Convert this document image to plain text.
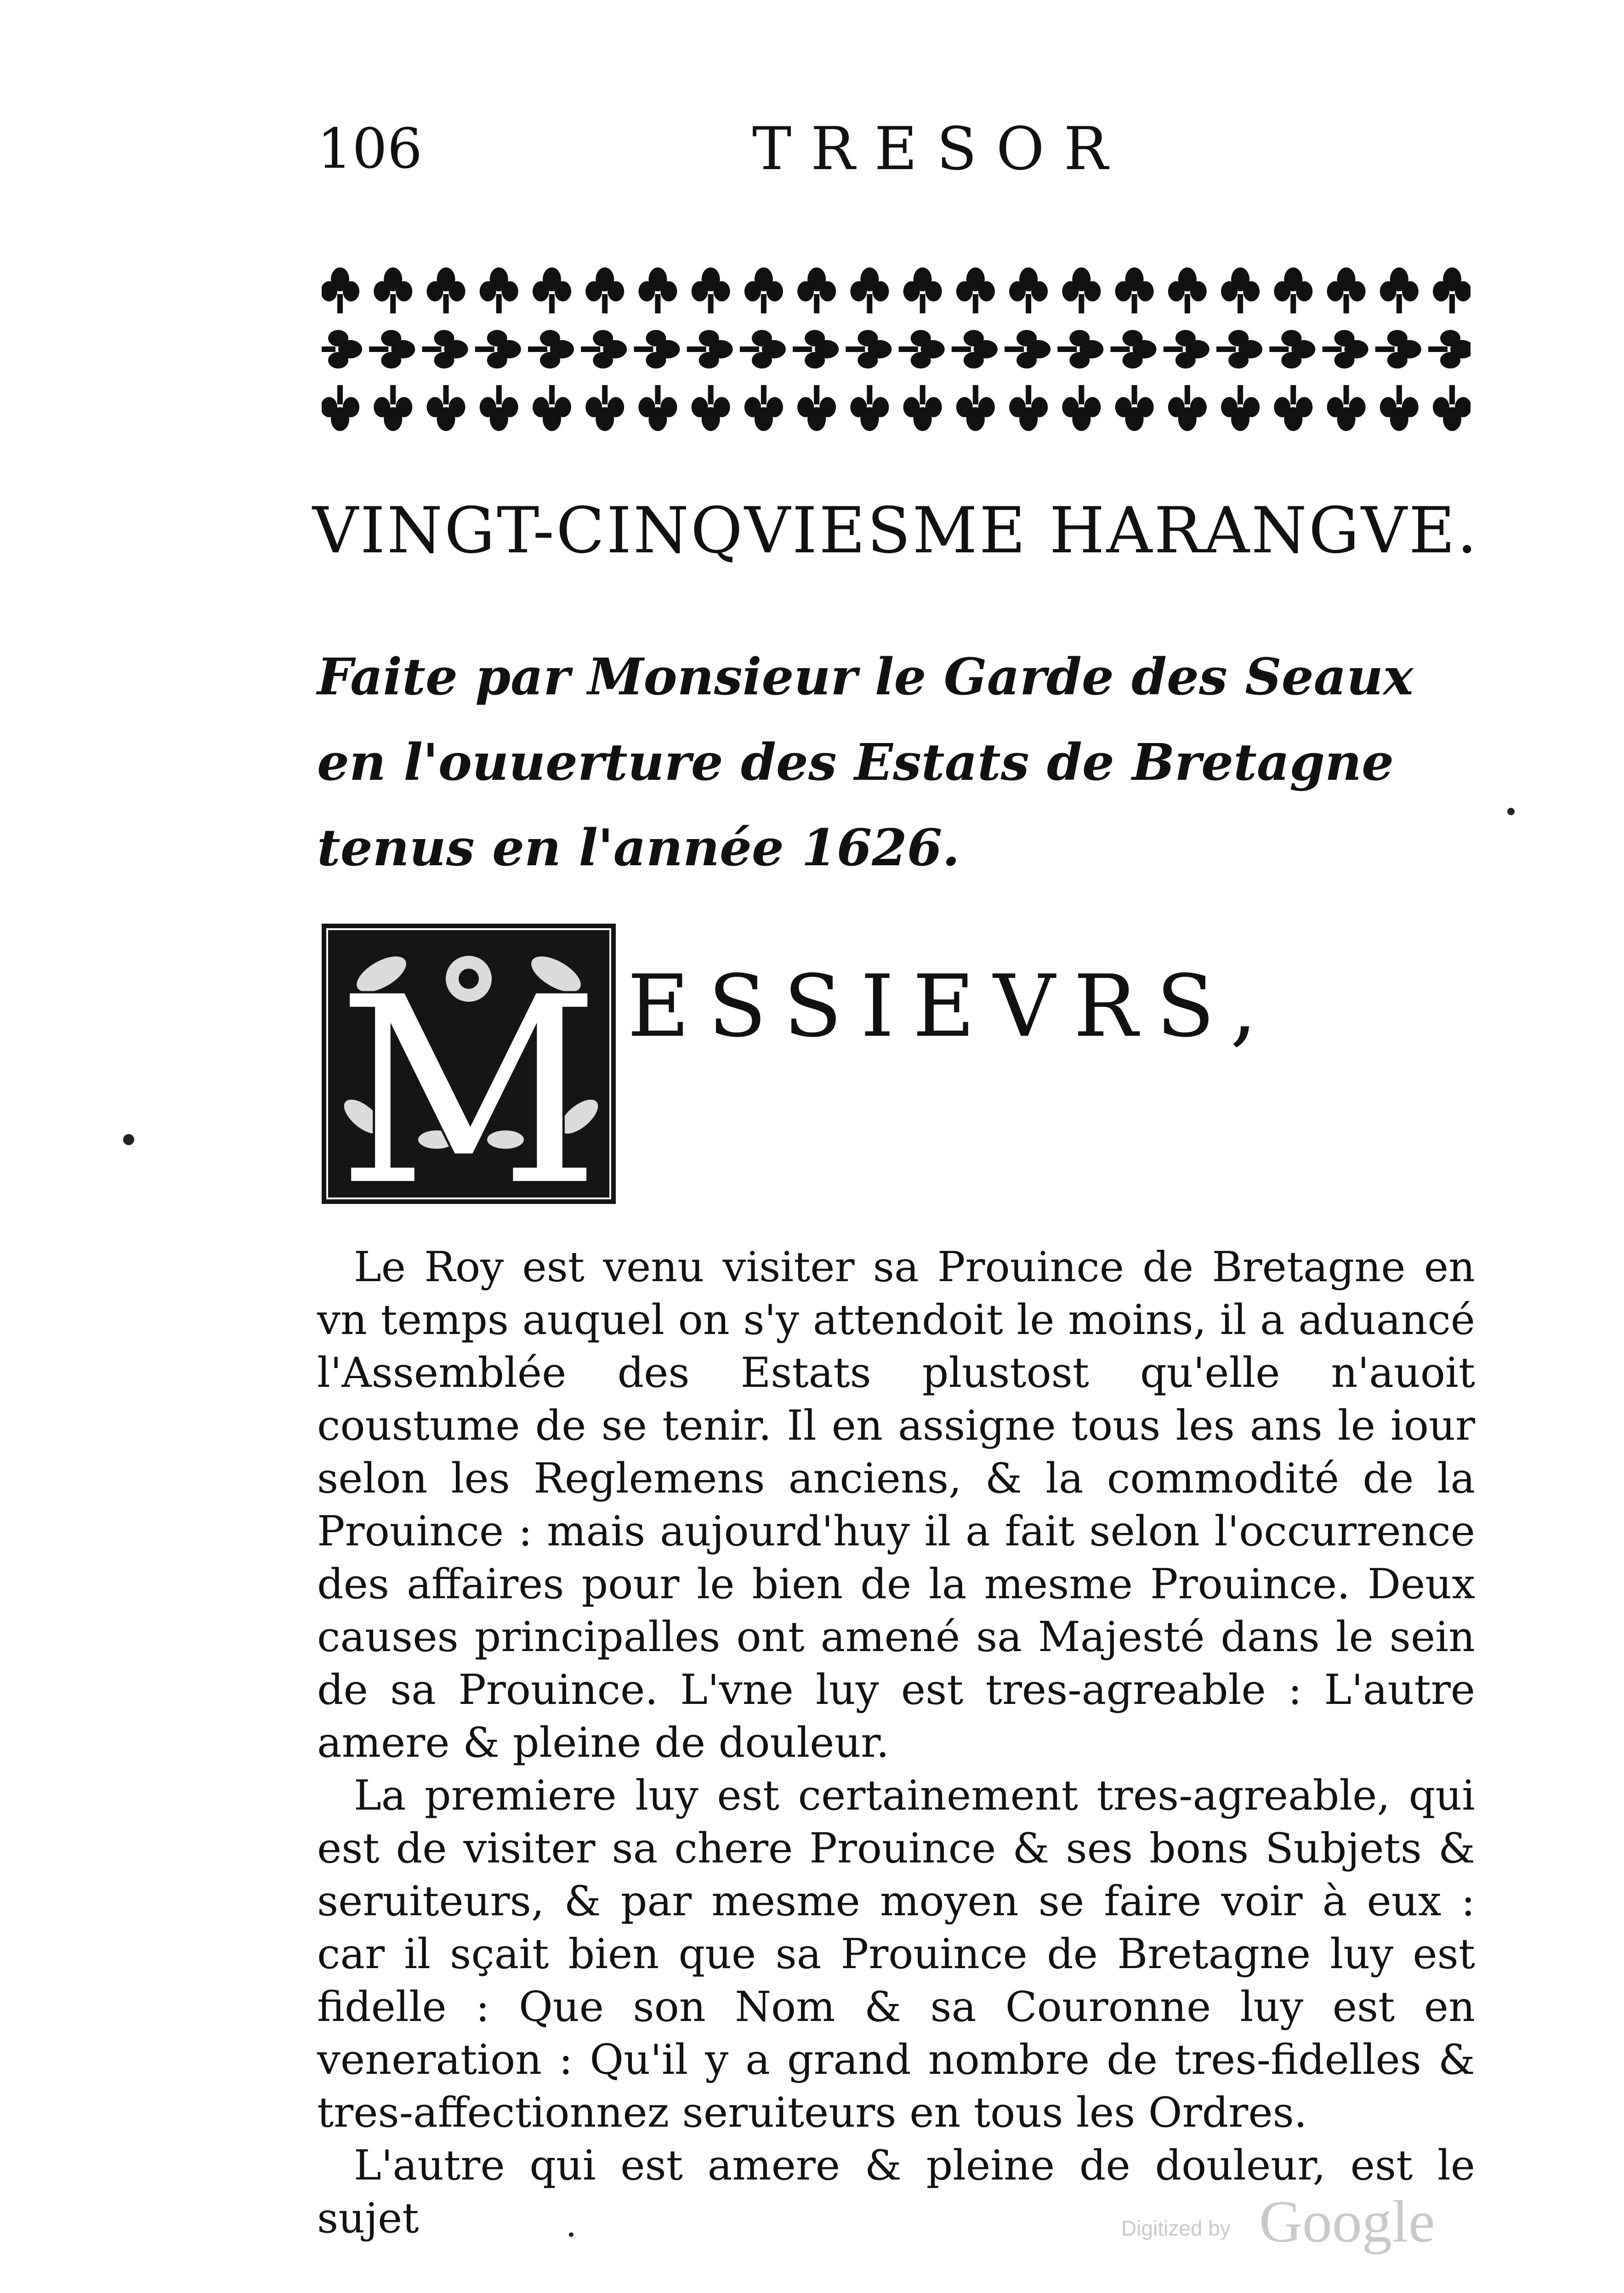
106	TRESOR
VINGT-CINQVIESME HARANGVE.
Faite par Monsieur le Garde des Seaux en l'ouuerture des Estats de Bretagne tenus en l'année 1626.
M ESSIEVRS,

Le Roy est venu visiter sa Prouince de Bretagne en vn temps auquel on s'y attendoit le moins, il a aduancé l'Assemblée des Estats plustost qu'elle n'auoit coustume de se tenir. Il en assigne tous les ans le iour selon les Reglemens anciens, & la commodité de la Prouince : mais aujourd'huy il a fait selon l'occurrence des affaires pour le bien de la mesme Prouince. Deux causes principalles ont amené sa Majesté dans le sein de sa Prouince. L'vne luy est tres-agreable : L'autre amere & pleine de douleur.

La premiere luy est certainement tres-agreable, qui est de visiter sa chere Prouince & ses bons Subjets & seruiteurs, & par mesme moyen se faire voir à eux : car il sçait bien que sa Prouince de Bretagne luy est fidelle : Que son Nom & sa Couronne luy est en veneration : Qu'il y a grand nombre de tres-fidelles & tres-affectionnez seruiteurs en tous les Ordres.

L'autre qui est amere & pleine de douleur, est le sujet	Digitized by Google
